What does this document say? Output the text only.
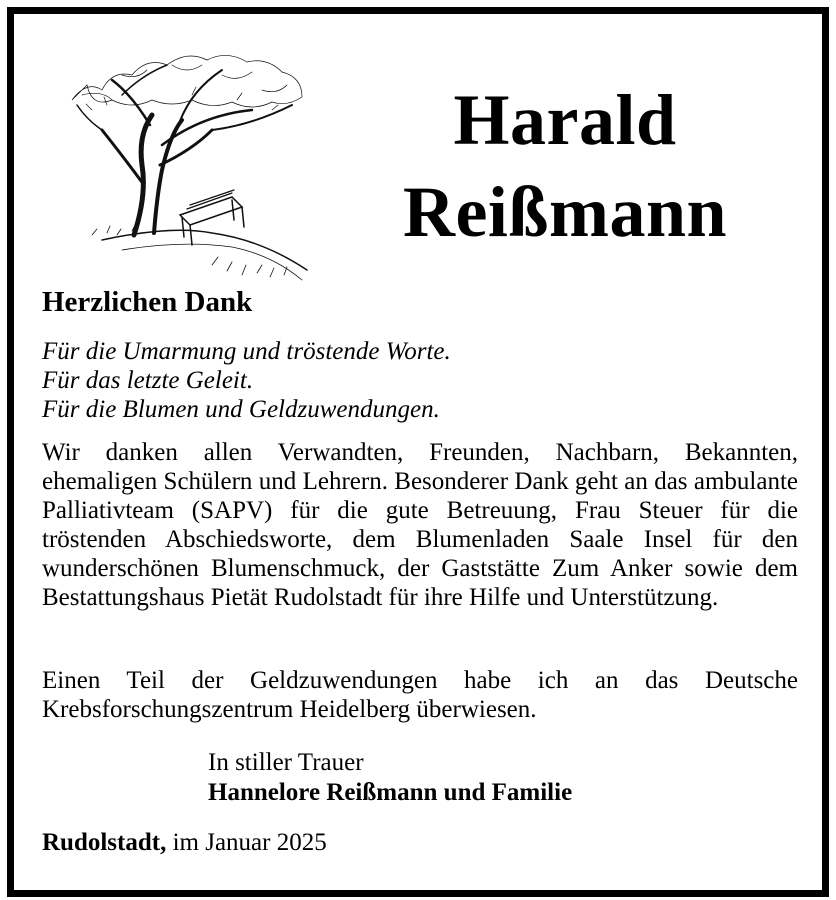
Harald
Reißmann
Herzlichen Dank
Für die Umarmung und tröstende Worte.
Für das letzte Geleit.
Für die Blumen und Geldzuwendungen.
Wir danken allen Verwandten, Freunden, Nachbarn, Bekannten, ehemaligen Schülern und Lehrern. Besonderer Dank geht an das ambulante Palliativteam (SAPV) für die gute Betreuung, Frau Steuer für die tröstenden Abschiedsworte, dem Blumenladen Saale Insel für den wunderschönen Blumenschmuck, der Gaststätte Zum Anker sowie dem Bestattungshaus Pietät Rudolstadt für ihre Hilfe und Unterstützung.
Einen Teil der Geldzuwendungen habe ich an das Deutsche Krebsforschungszentrum Heidelberg überwiesen.
In stiller Trauer
Hannelore Reißmann und Familie
Rudolstadt, im Januar 2025
